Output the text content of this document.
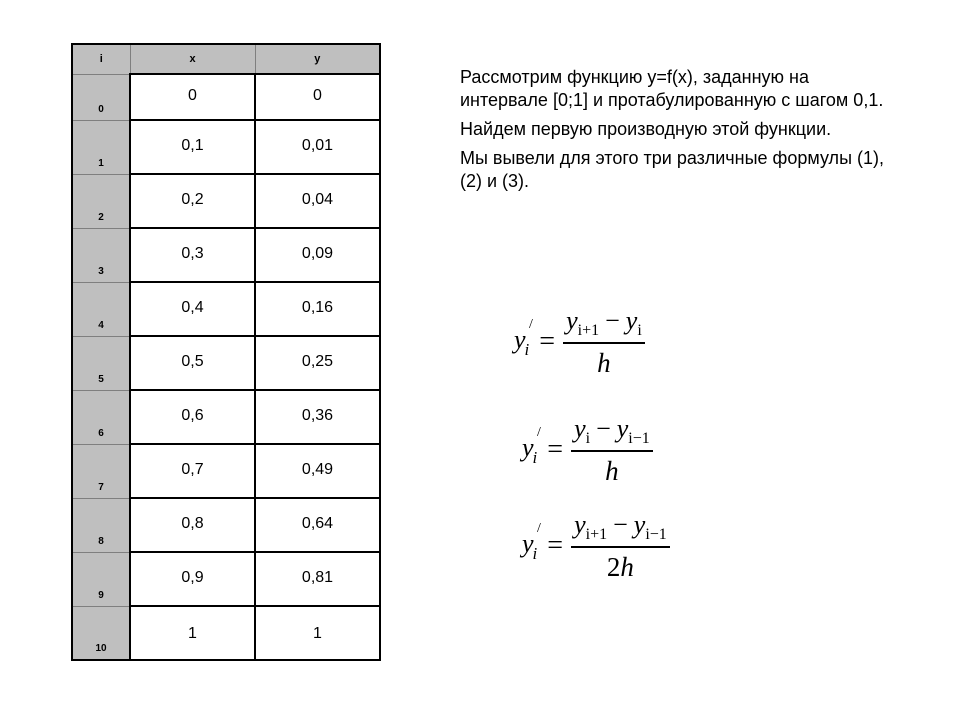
i	x	y
0	0	0
1	0,1	0,01
2	0,2	0,04
3	0,3	0,09
4	0,4	0,16
5	0,5	0,25
6	0,6	0,36
7	0,7	0,49
8	0,8	0,64
9	0,9	0,81
10	1	1

Рассмотрим функцию y=f(x), заданную на интервале [0;1] и протабулированную с шагом 0,1.

Найдем первую производную этой функции.

Мы вывели для этого три различные формулы (1), (2) и (3).

$y_i$
/
= $\frac{y_{i+1} - y_i}{h}$
$y_i$
/
= $\frac{y_i - y_{i-1}}{h}$
$y_i$
/
= $\frac{y_{i+1} - y_{i-1}}{2h}$
